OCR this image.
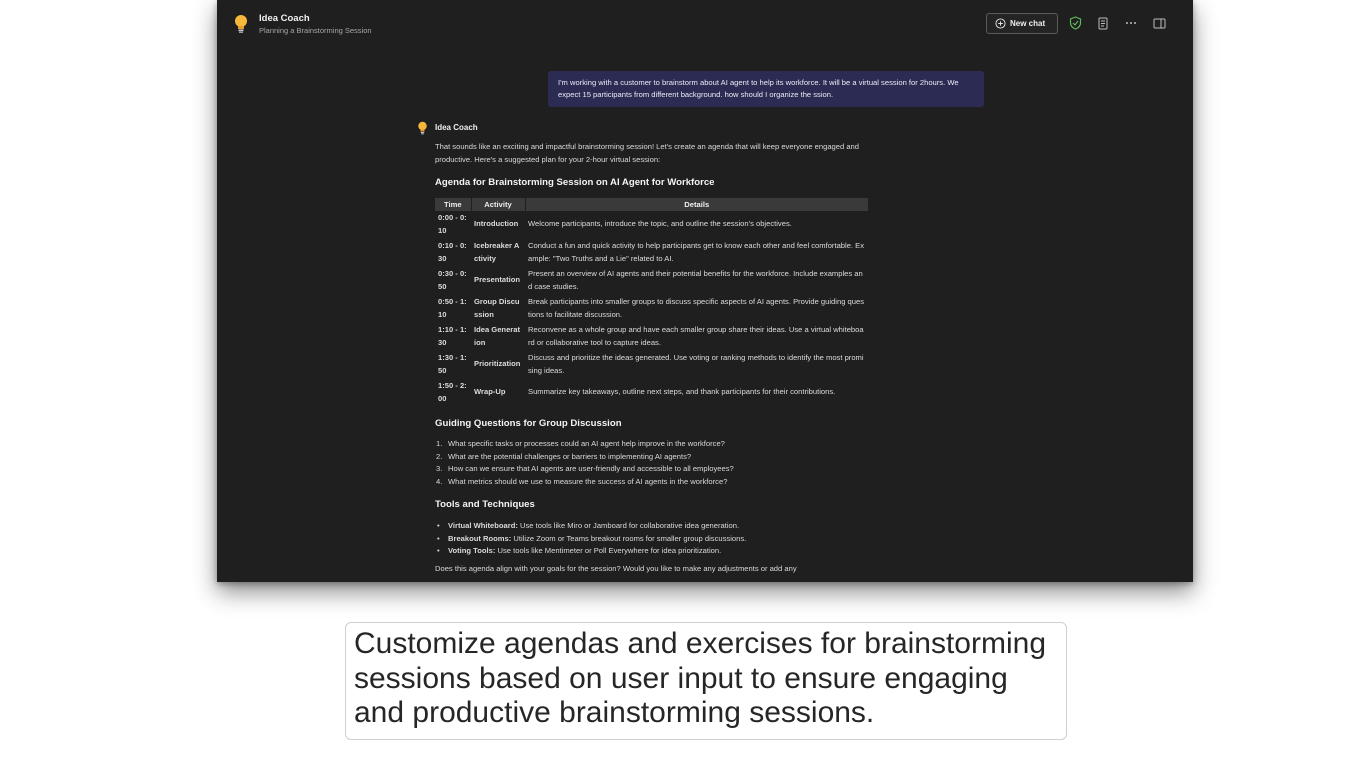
Idea Coach
Planning a Brainstorming Session
New chat
I'm working with a customer to brainstorm about AI agent to help its workforce. It will be a virtual session for 2hours. We expect 15 participants from different background. how should I organize the ssion.
Idea Coach

That sounds like an exciting and impactful brainstorming session! Let's create an agenda that will keep everyone engaged and productive. Here's a suggested plan for your 2-hour virtual session:

Agenda for Brainstorming Session on AI Agent for Workforce
Time	Activity	Details
0:00 - 0:10	Introduction	Welcome participants, introduce the topic, and outline the session's objectives.
0:10 - 0:30	Icebreaker Activity	Conduct a fun and quick activity to help participants get to know each other and feel comfortable. Example: "Two Truths and a Lie" related to AI.
0:30 - 0:50	Presentation	Present an overview of AI agents and their potential benefits for the workforce. Include examples and case studies.
0:50 - 1:10	Group Discussion	Break participants into smaller groups to discuss specific aspects of AI agents. Provide guiding questions to facilitate discussion.
1:10 - 1:30	Idea Generation	Reconvene as a whole group and have each smaller group share their ideas. Use a virtual whiteboard or collaborative tool to capture ideas.
1:30 - 1:50	Prioritization	Discuss and prioritize the ideas generated. Use voting or ranking methods to identify the most promising ideas.
1:50 - 2:00	Wrap-Up	Summarize key takeaways, outline next steps, and thank participants for their contributions.
Guiding Questions for Group Discussion
1. What specific tasks or processes could an AI agent help improve in the workforce?
2. What are the potential challenges or barriers to implementing AI agents?
3. How can we ensure that AI agents are user-friendly and accessible to all employees?
4. What metrics should we use to measure the success of AI agents in the workforce?
Tools and Techniques
• Virtual Whiteboard: Use tools like Miro or Jamboard for collaborative idea generation.
• Breakout Rooms: Utilize Zoom or Teams breakout rooms for smaller group discussions.
• Voting Tools: Use tools like Mentimeter or Poll Everywhere for idea prioritization.

Does this agenda align with your goals for the session? Would you like to make any adjustments or add any

Customize agendas and exercises for brainstorming sessions based on user input to ensure engaging and productive brainstorming sessions.
